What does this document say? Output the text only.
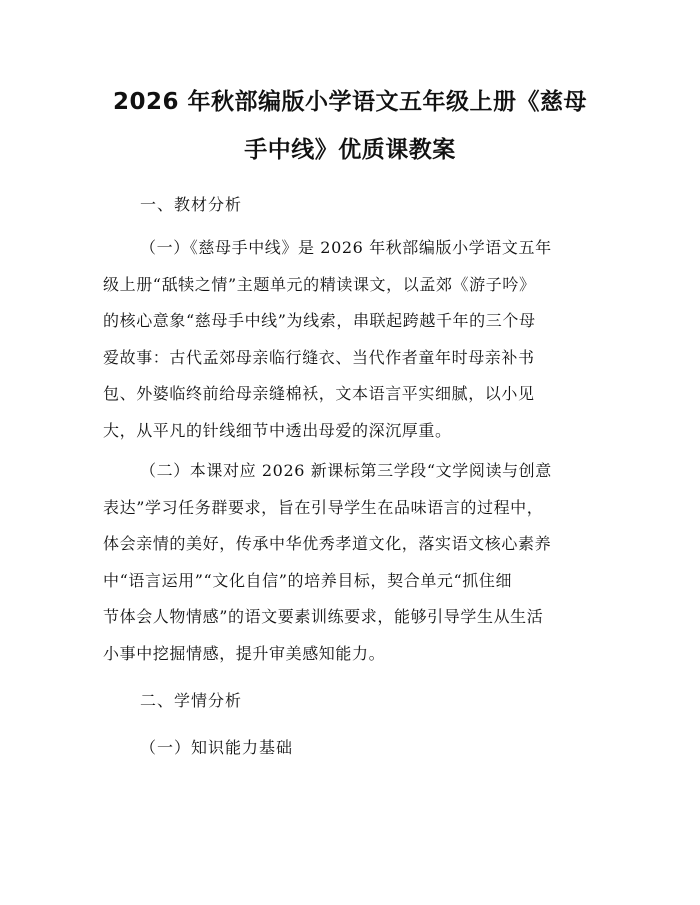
2026 年秋部编版小学语文五年级上册《慈母
手中线》优质课教案
一、教材分析
（一）《慈母手中线》是 2026 年秋部编版小学语文五年
级上册“舐犊之情”主题单元的精读课文，以孟郊《游子吟》
的核心意象“慈母手中线”为线索，串联起跨越千年的三个母
爱故事：古代孟郊母亲临行缝衣、当代作者童年时母亲补书
包、外婆临终前给母亲缝棉袄，文本语言平实细腻，以小见
大，从平凡的针线细节中透出母爱的深沉厚重。
（二）本课对应 2026 新课标第三学段“文学阅读与创意
表达”学习任务群要求，旨在引导学生在品味语言的过程中，
体会亲情的美好，传承中华优秀孝道文化，落实语文核心素养
中“语言运用”“文化自信”的培养目标，契合单元“抓住细
节体会人物情感”的语文要素训练要求，能够引导学生从生活
小事中挖掘情感，提升审美感知能力。
二、学情分析
（一）知识能力基础
